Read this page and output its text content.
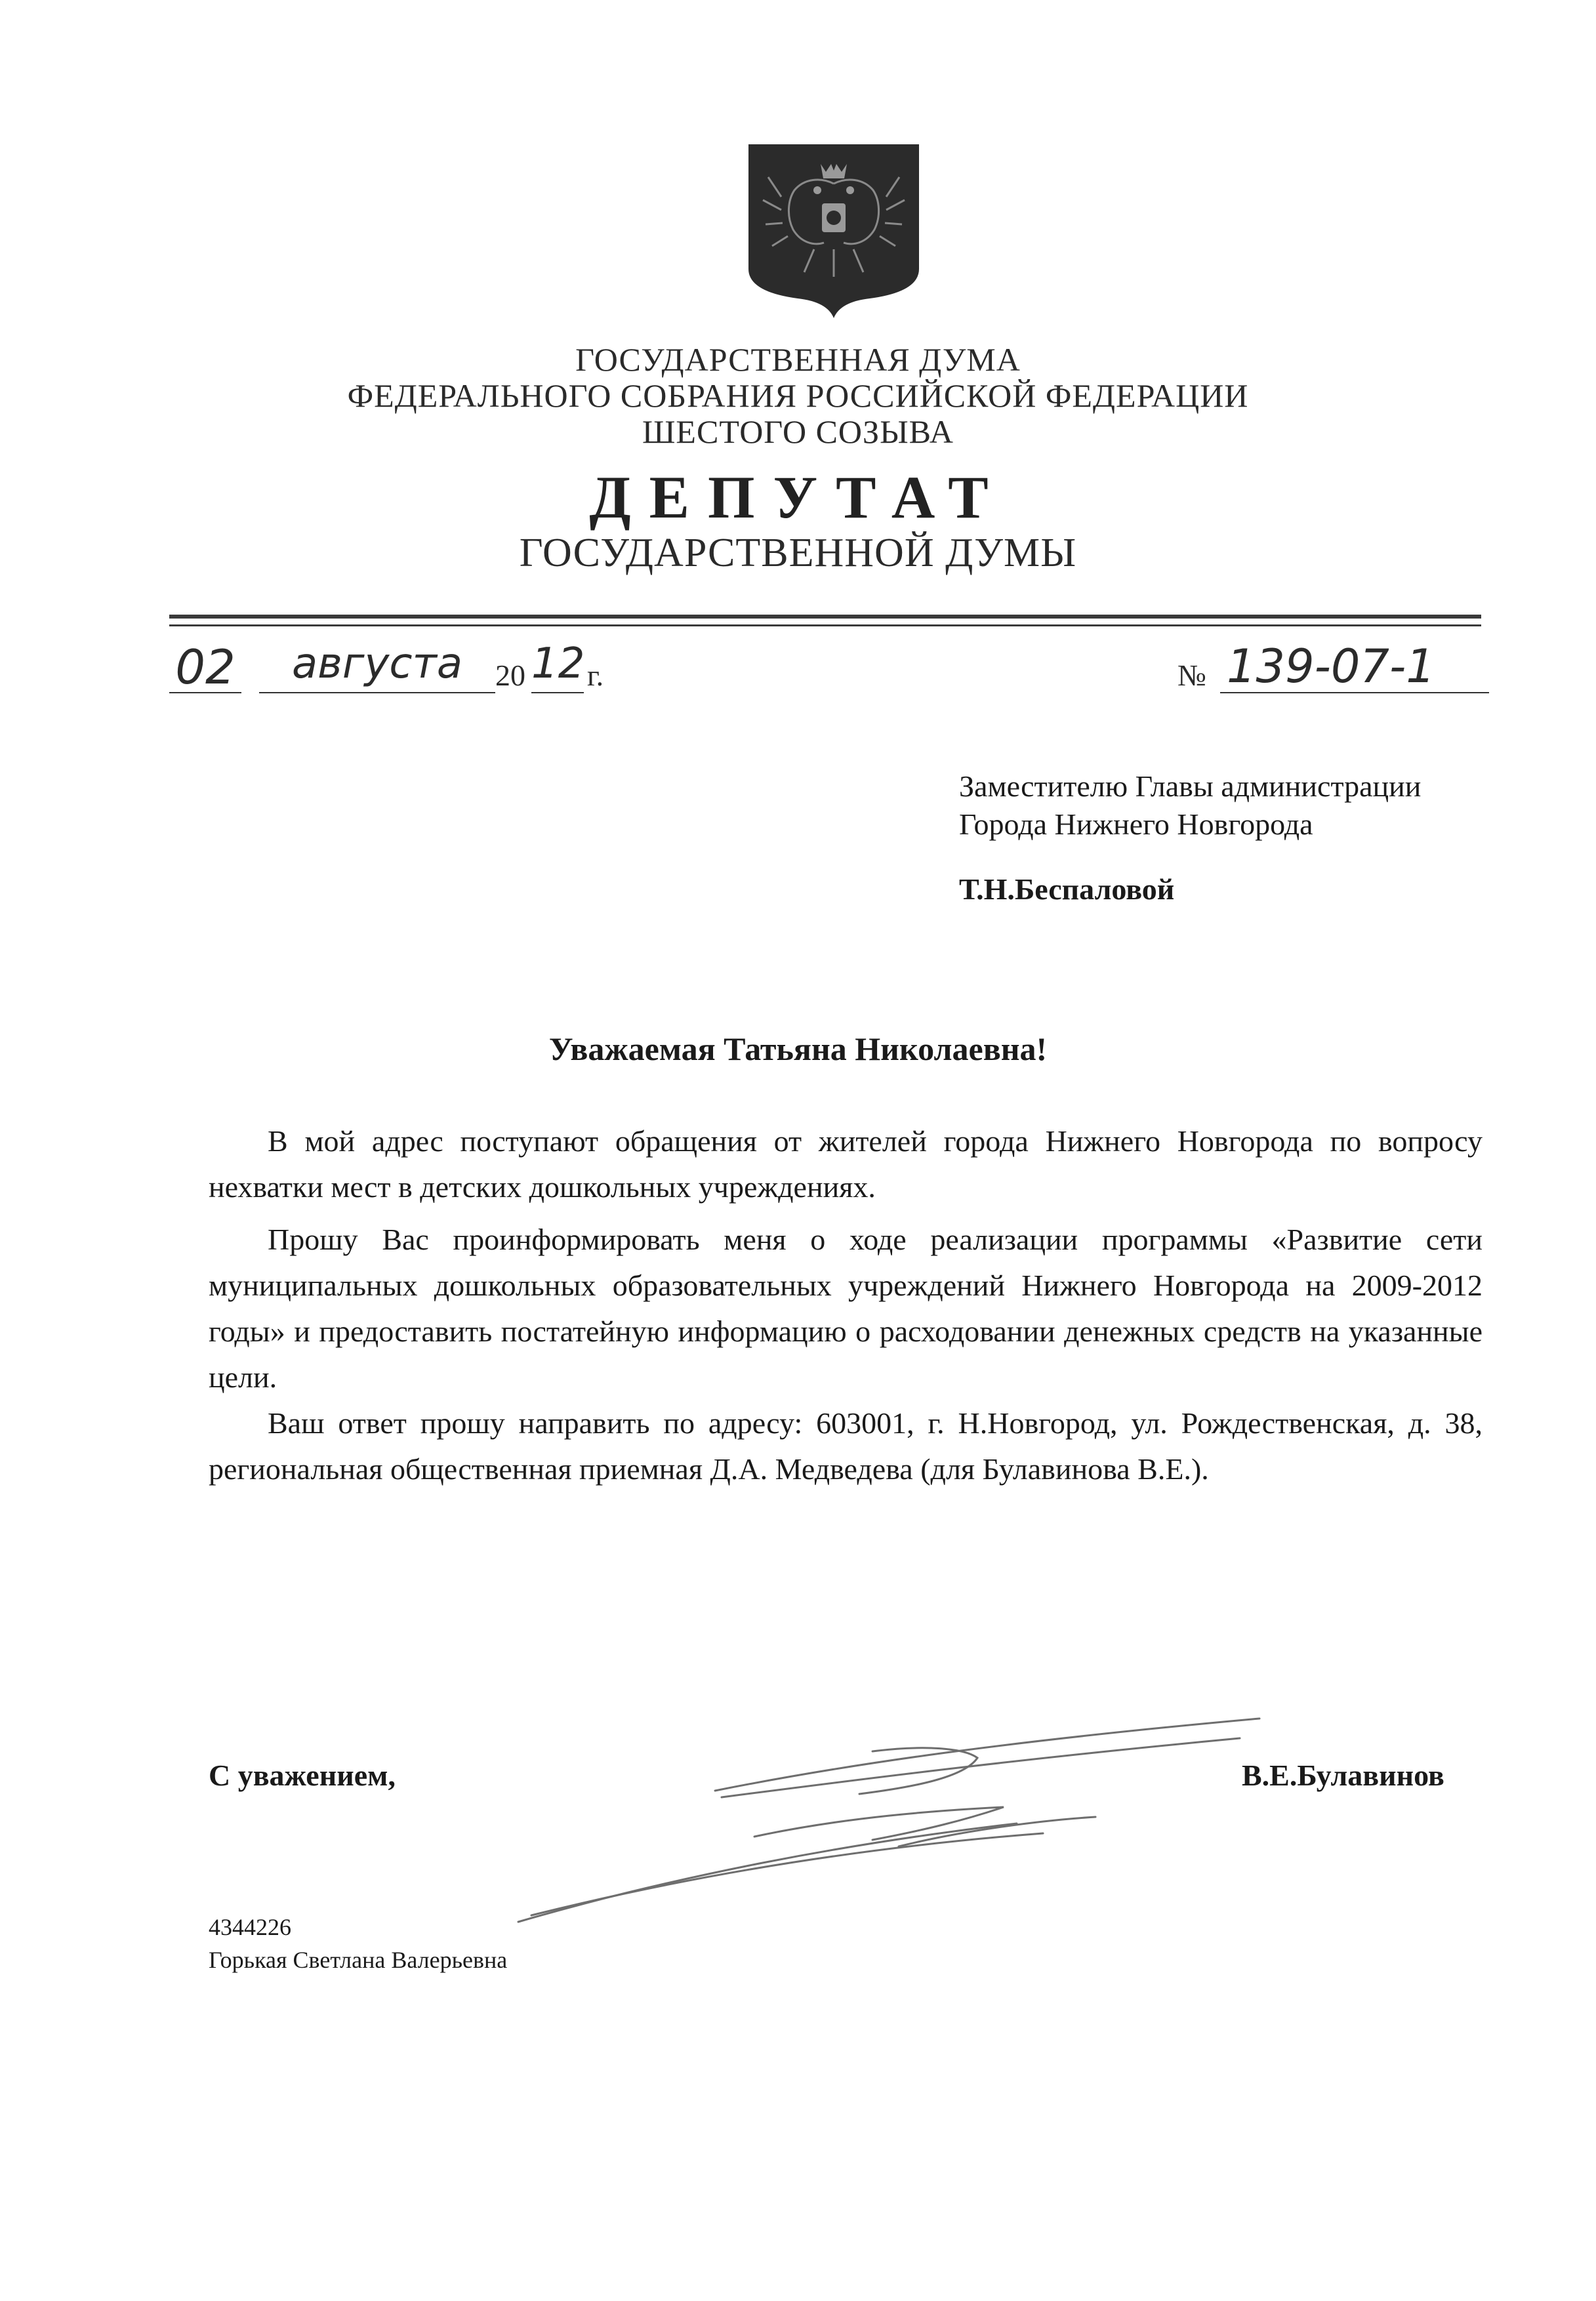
ГОСУДАРСТВЕННАЯ ДУМА
ФЕДЕРАЛЬНОГО СОБРАНИЯ РОССИЙСКОЙ ФЕДЕРАЦИИ
ШЕСТОГО СОЗЫВА
ДЕПУТАТ
ГОСУДАРСТВЕННОЙ ДУМЫ
02	августа	20 12 г.	№ 139-07-1
Заместителю Главы администрации
Города Нижнего Новгорода
Т.Н.Беспаловой
Уважаемая Татьяна Николаевна!
В мой адрес поступают обращения от жителей города Нижнего Новгорода по вопросу нехватки мест в детских дошкольных учреждениях.
Прошу Вас проинформировать меня о ходе реализации программы «Развитие сети муниципальных дошкольных образовательных учреждений Нижнего Новгорода на 2009-2012 годы» и предоставить постатейную информацию о расходовании денежных средств на указанные цели.
Ваш ответ прошу направить по адресу: 603001, г. Н.Новгород, ул. Рождественская, д. 38, региональная общественная приемная Д.А. Медведева (для Булавинова В.Е.).
С уважением,	В.Е.Булавинов
4344226
Горькая Светлана Валерьевна
